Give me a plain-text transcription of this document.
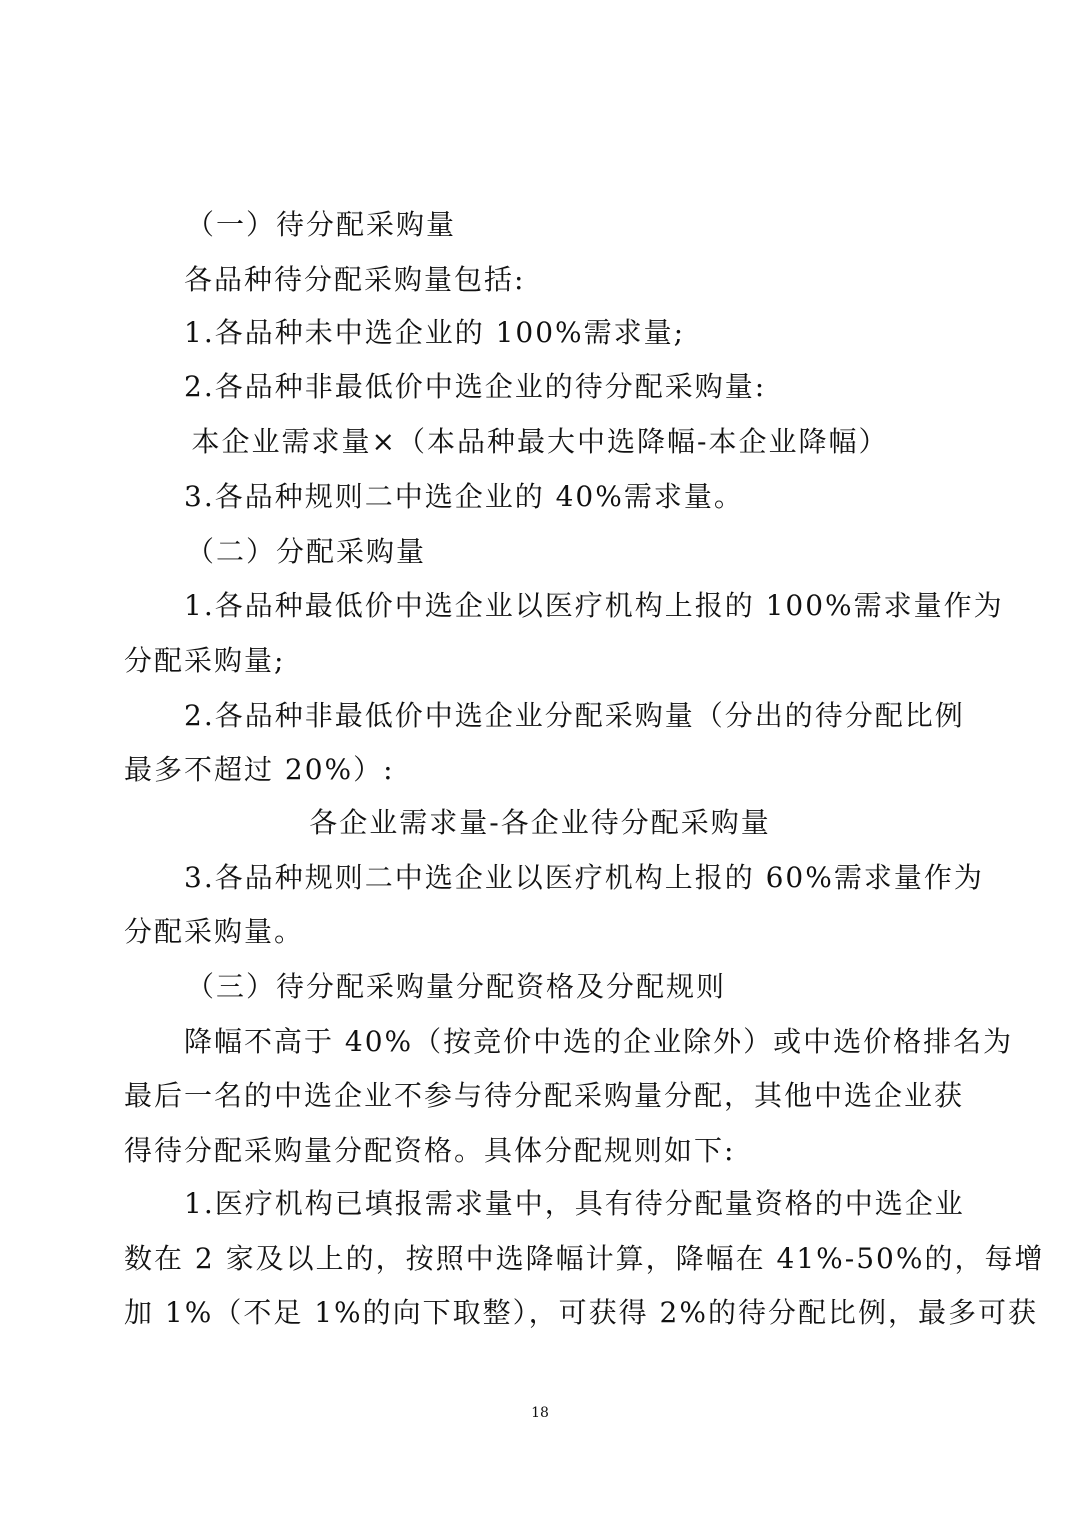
（一）待分配采购量
各品种待分配采购量包括:
1.各品种未中选企业的 100%需求量;
2.各品种非最低价中选企业的待分配采购量:
本企业需求量×（本品种最大中选降幅-本企业降幅）
3.各品种规则二中选企业的 40%需求量。
（二）分配采购量
1.各品种最低价中选企业以医疗机构上报的 100%需求量作为
分配采购量;
2.各品种非最低价中选企业分配采购量（分出的待分配比例
最多不超过 20%）:
各企业需求量-各企业待分配采购量
3.各品种规则二中选企业以医疗机构上报的 60%需求量作为
分配采购量。
（三）待分配采购量分配资格及分配规则
降幅不高于 40%（按竞价中选的企业除外）或中选价格排名为
最后一名的中选企业不参与待分配采购量分配，其他中选企业获
得待分配采购量分配资格。具体分配规则如下:
1.医疗机构已填报需求量中，具有待分配量资格的中选企业
数在 2 家及以上的，按照中选降幅计算，降幅在 41%-50%的，每增
加 1%（不足 1%的向下取整），可获得 2%的待分配比例，最多可获
18
